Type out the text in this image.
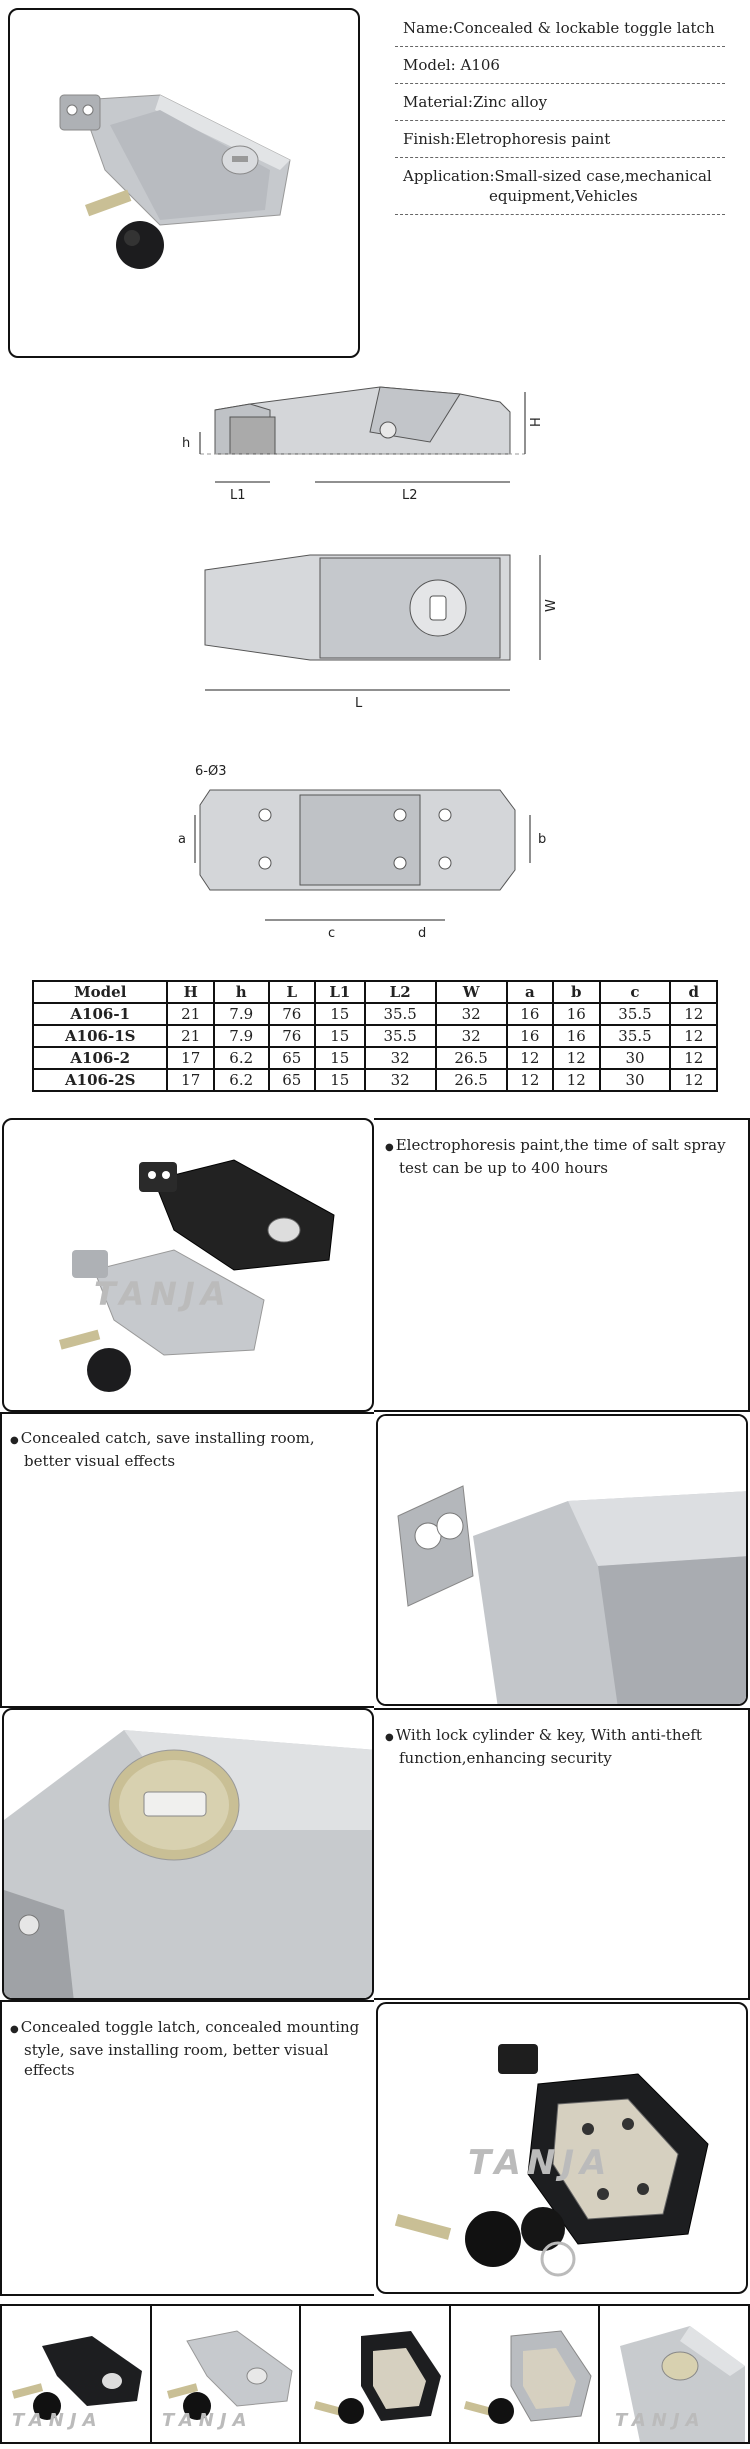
Name:Concealed & lockable toggle latch
Model: A106
Material:Zinc alloy
Finish:Eletrophoresis paint
Application:Small-sized case,mechanical
equipment,Vehicles
H
h
L1	L2
W
L
6-Ø3
a	b
c	d
Model	H	h	L	L1	L2	W	a	b	c	d
A106-1	21	7.9	76	15	35.5	32	16	16	35.5	12
A106-1S	21	7.9	76	15	35.5	32	16	16	35.5	12
A106-2	17	6.2	65	15	32	26.5	12	12	30	12
A106-2S	17	6.2	65	15	32	26.5	12	12	30	12
TANJA
● Electrophoresis paint,the time of salt spray
test can be up to 400 hours
● Concealed catch, save installing room,
better visual effects
● With lock cylinder & key, With anti-theft
function,enhancing security
● Concealed toggle latch, concealed mounting
style, save installing room, better visual
effects
TANJA
TANJA	TANJA	TANJA
